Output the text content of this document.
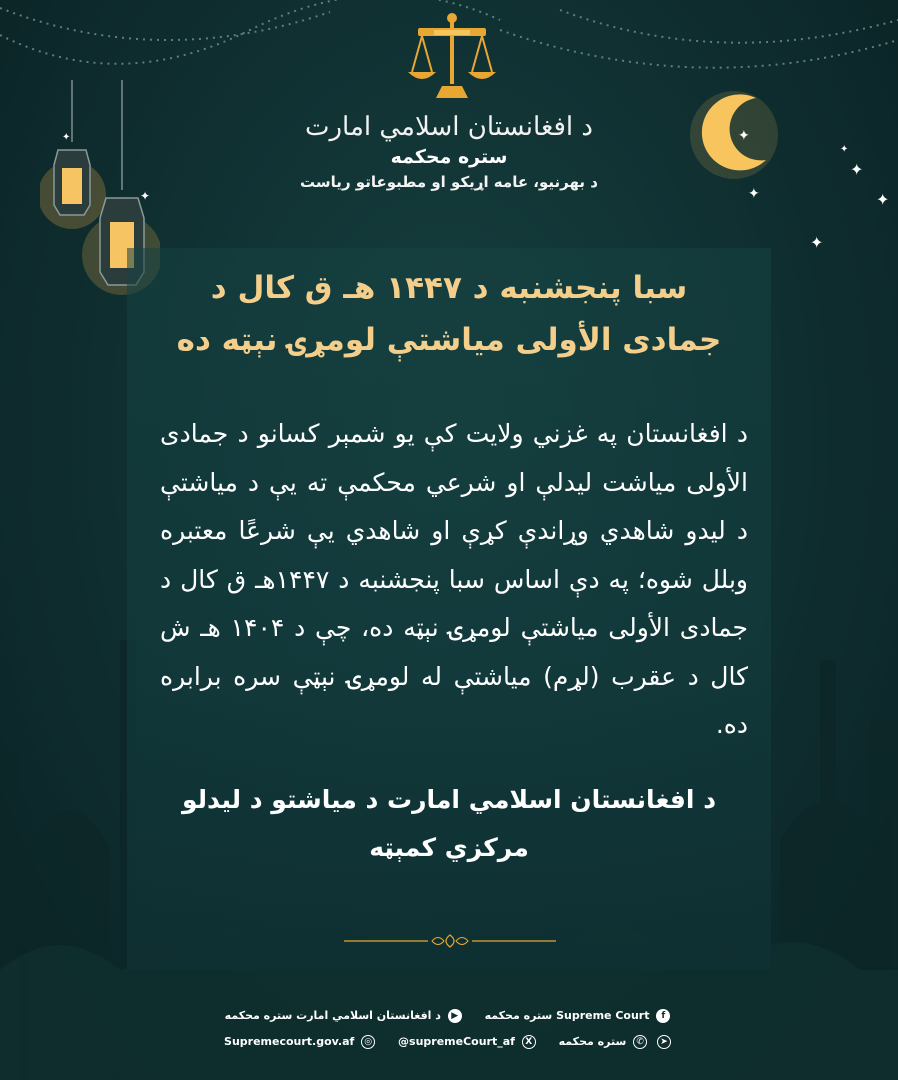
✦
✦	✦
✦
✦
✦
✦
✦
د افغانستان اسلامي امارت
ستره محکمه
د بهرنیو، عامه اړیکو او مطبوعاتو ریاست
سبا پنجشنبه د ۱۴۴۷ هـ ق کال د
جمادی الأولی میاشتې لومړۍ نېټه ده
د افغانستان په غزني ولایت کې یو شمېر کسانو د جمادی الأولی میاشت لیدلې او شرعي محکمې ته یې د میاشتې د لیدو شاهدي وړاندې کړې او شاهدي یې شرعًا معتبره وبلل شوه؛ په دې اساس سبا پنجشنبه د ۱۴۴۷هـ ق کال د جمادی الأولی میاشتې لومړۍ نېټه ده، چې د ۱۴۰۴ هـ ش کال د عقرب (لړم) میاشتې له لومړۍ نېټې سره برابره ده.
د افغانستان اسلامي امارت د میاشتو د لیدلو مرکزي کمېټه
د افغانستان اسلامي امارت ستره محکمه ▶ ستره محکمه Supreme Court f
Supremecourt.gov.af ◎ @supremeCourt_af X ستره محکمه ✆ ➤
